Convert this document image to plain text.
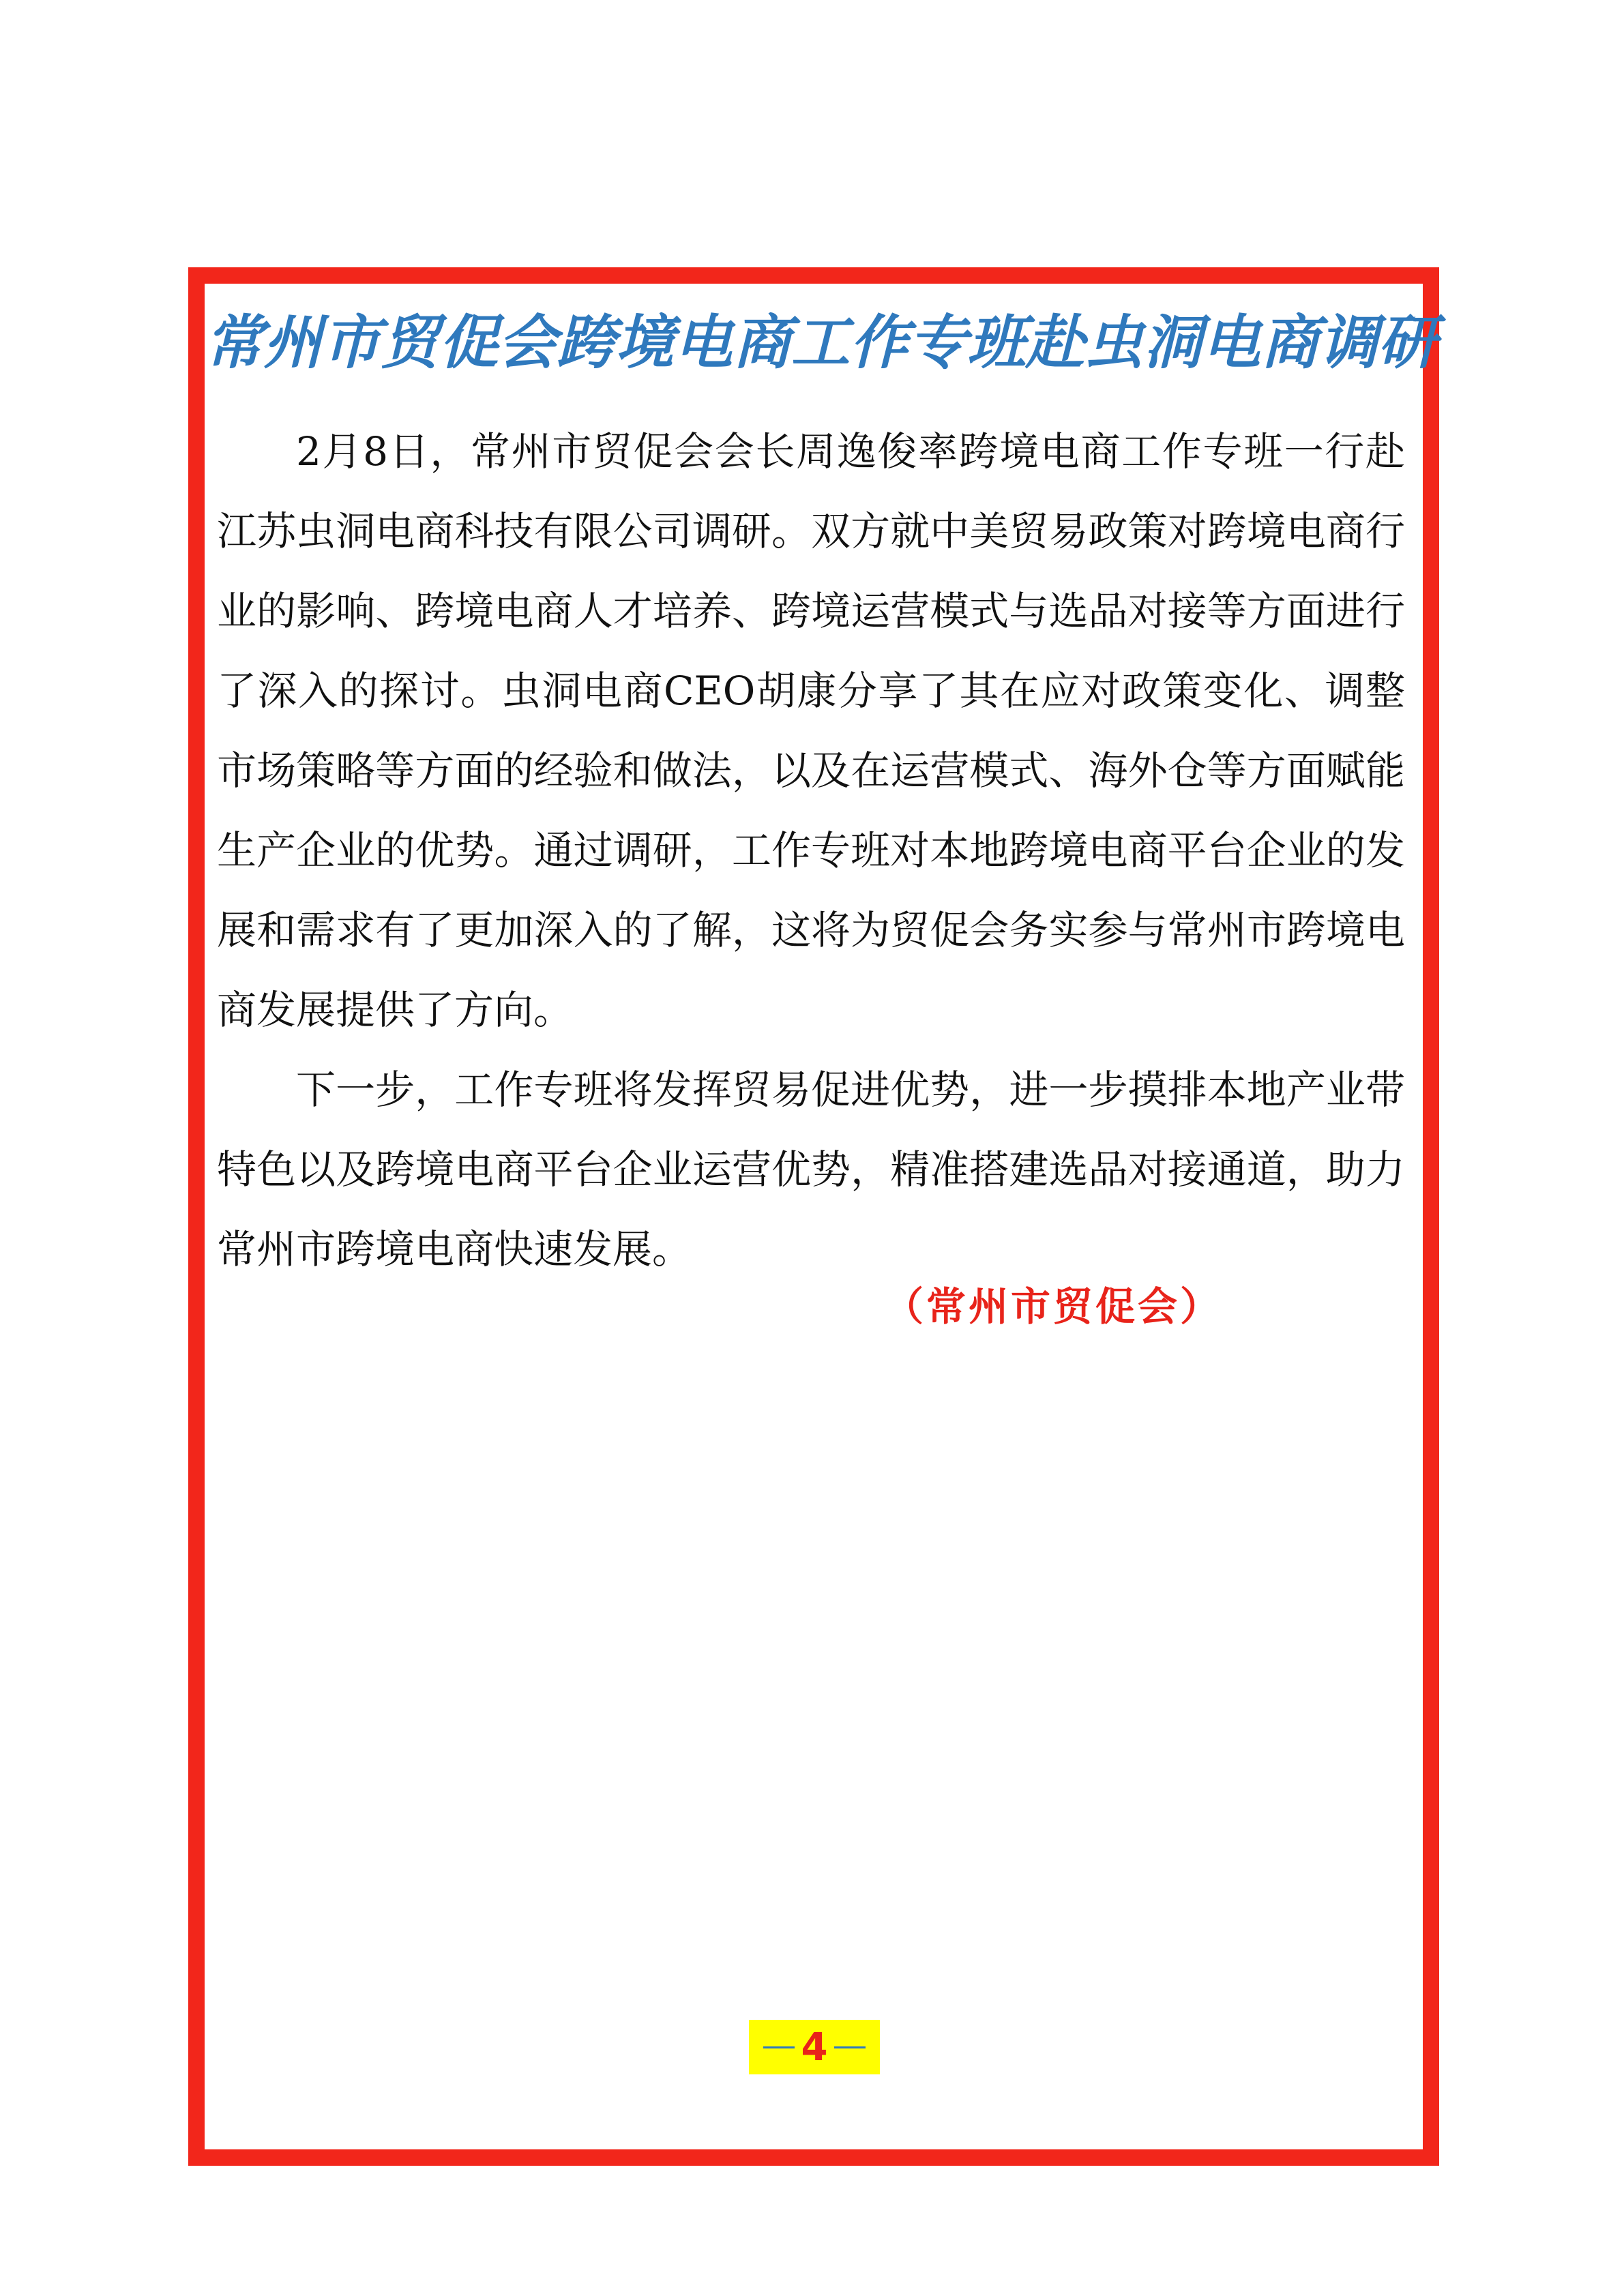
常州市贸促会跨境电商工作专班赴虫洞电商调研

2月8日，常州市贸促会会长周逸俊率跨境电商工作专班一行赴江苏虫洞电商科技有限公司调研。双方就中美贸易政策对跨境电商行业的影响、跨境电商人才培养、跨境运营模式与选品对接等方面进行了深入的探讨。虫洞电商CEO胡康分享了其在应对政策变化、调整市场策略等方面的经验和做法，以及在运营模式、海外仓等方面赋能生产企业的优势。通过调研，工作专班对本地跨境电商平台企业的发展和需求有了更加深入的了解，这将为贸促会务实参与常州市跨境电商发展提供了方向。

下一步，工作专班将发挥贸易促进优势，进一步摸排本地产业带特色以及跨境电商平台企业运营优势，精准搭建选品对接通道，助力常州市跨境电商快速发展。

（常州市贸促会）
4
